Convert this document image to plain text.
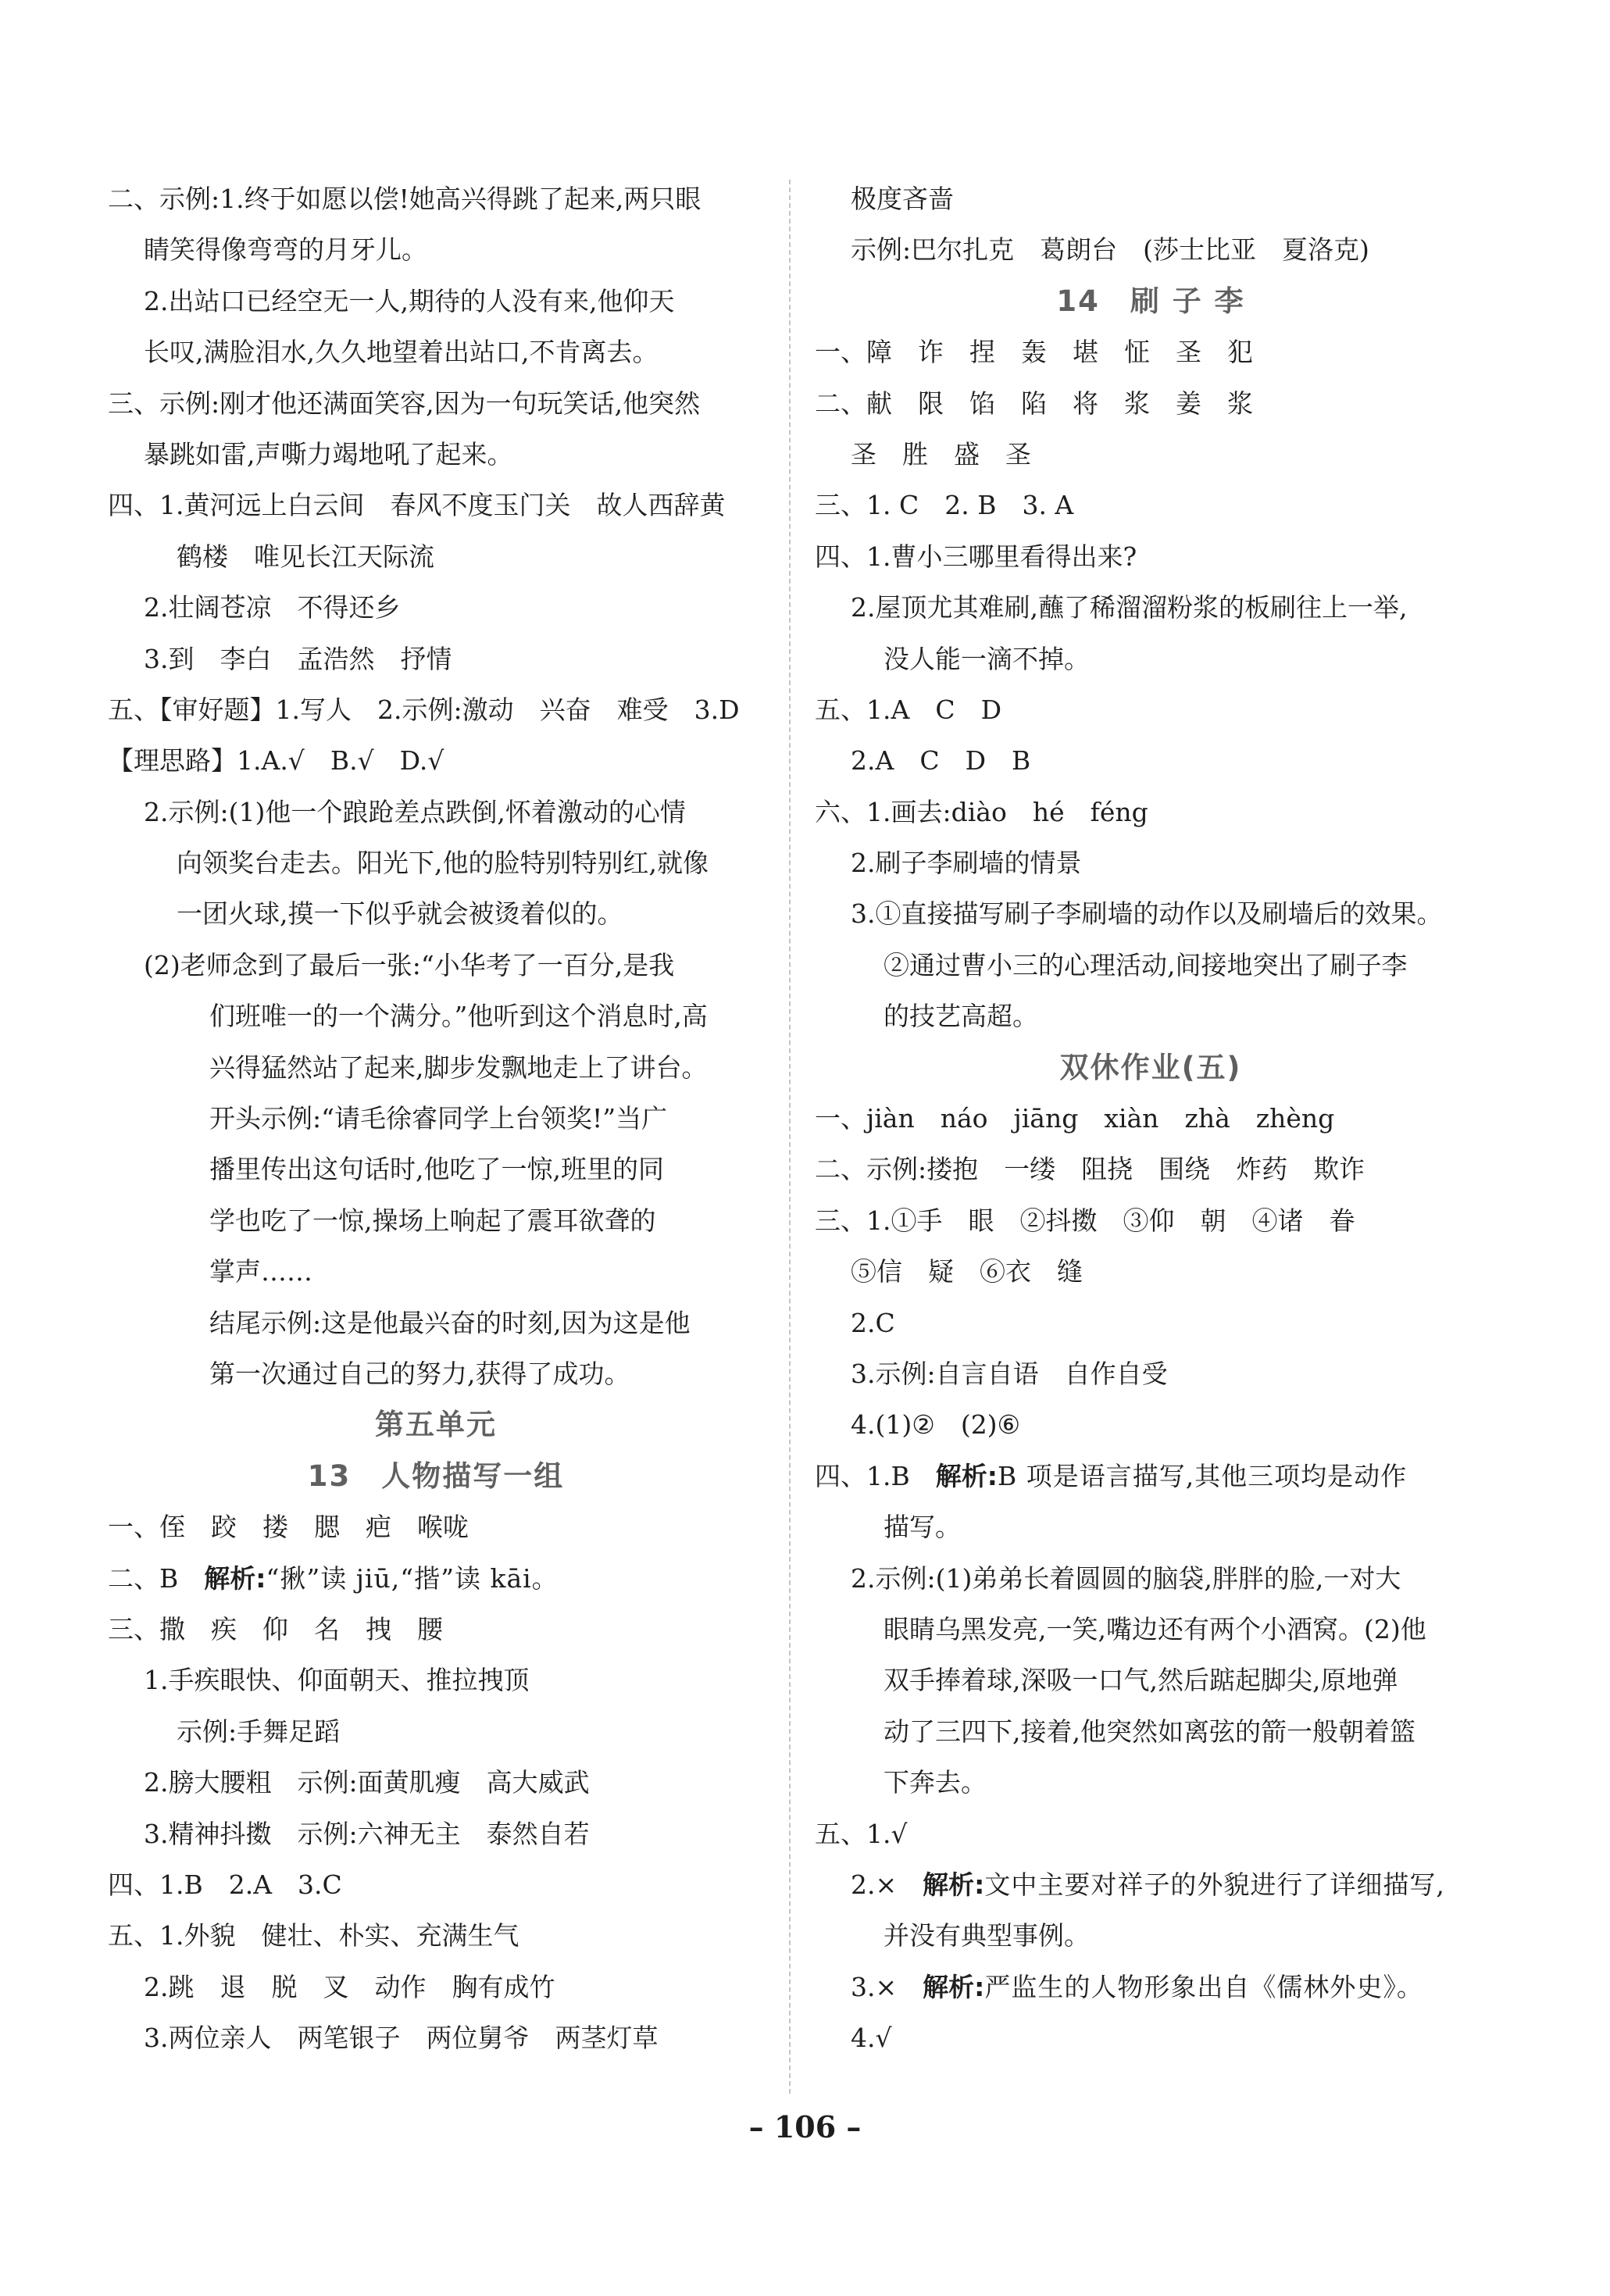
二、示例:1.终于如愿以偿!她高兴得跳了起来,两只眼
睛笑得像弯弯的月牙儿。
2.出站口已经空无一人,期待的人没有来,他仰天
长叹,满脸泪水,久久地望着出站口,不肯离去。
三、示例:刚才他还满面笑容,因为一句玩笑话,他突然
暴跳如雷,声嘶力竭地吼了起来。
四、1.黄河远上白云间　春风不度玉门关　故人西辞黄
鹤楼　唯见长江天际流
2.壮阔苍凉　不得还乡
3.到　李白　孟浩然　抒情
五、【审好题】1.写人　2.示例:激动　兴奋　难受　3.D
【理思路】1.A.√　B.√　D.√
2.示例:(1)他一个踉跄差点跌倒,怀着激动的心情
向领奖台走去。阳光下,他的脸特别特别红,就像
一团火球,摸一下似乎就会被烫着似的。
(2)老师念到了最后一张:“小华考了一百分,是我
们班唯一的一个满分。”他听到这个消息时,高
兴得猛然站了起来,脚步发飘地走上了讲台。
开头示例:“请毛徐睿同学上台领奖!”当广
播里传出这句话时,他吃了一惊,班里的同
学也吃了一惊,操场上响起了震耳欲聋的
掌声……
结尾示例:这是他最兴奋的时刻,因为这是他
第一次通过自己的努力,获得了成功。
第五单元
13　人物描写一组
一、侄　跤　搂　腮　疤　喉咙
二、B　解析:“揪”读 jiū,“揩”读 kāi。
三、撒　疾　仰　名　拽　腰
1.手疾眼快、仰面朝天、推拉拽顶
示例:手舞足蹈
2.膀大腰粗　示例:面黄肌瘦　高大威武
3.精神抖擞　示例:六神无主　泰然自若
四、1.B　2.A　3.C
五、1.外貌　健壮、朴实、充满生气
2.跳　退　脱　叉　动作　胸有成竹
3.两位亲人　两笔银子　两位舅爷　两茎灯草
极度吝啬
示例:巴尔扎克　葛朗台　(莎士比亚　夏洛克)
14　刷 子 李
一、障　诈　捏　轰　堪　怔　圣　犯
二、献　限　馅　陷　将　浆　姜　浆
圣　胜　盛　圣
三、1. C　2. B　3. A
四、1.曹小三哪里看得出来?
2.屋顶尤其难刷,蘸了稀溜溜粉浆的板刷往上一举,
没人能一滴不掉。
五、1.A　C　D
2.A　C　D　B
六、1.画去:diào　hé　féng
2.刷子李刷墙的情景
3.①直接描写刷子李刷墙的动作以及刷墙后的效果。
②通过曹小三的心理活动,间接地突出了刷子李
的技艺高超。
双休作业(五)
一、jiàn　náo　jiāng　xiàn　zhà　zhèng
二、示例:搂抱　一缕　阻挠　围绕　炸药　欺诈
三、1.①手　眼　②抖擞　③仰　朝　④诸　眷
⑤信　疑　⑥衣　缝
2.C
3.示例:自言自语　自作自受
4.(1)②　(2)⑥
四、1.B　解析:B 项是语言描写,其他三项均是动作
描写。
2.示例:(1)弟弟长着圆圆的脑袋,胖胖的脸,一对大
眼睛乌黑发亮,一笑,嘴边还有两个小酒窝。(2)他
双手捧着球,深吸一口气,然后踮起脚尖,原地弹
动了三四下,接着,他突然如离弦的箭一般朝着篮
下奔去。
五、1.√
2.×　解析:文中主要对祥子的外貌进行了详细描写,
并没有典型事例。
3.×　解析:严监生的人物形象出自《儒林外史》。
4.√
– 106 –
